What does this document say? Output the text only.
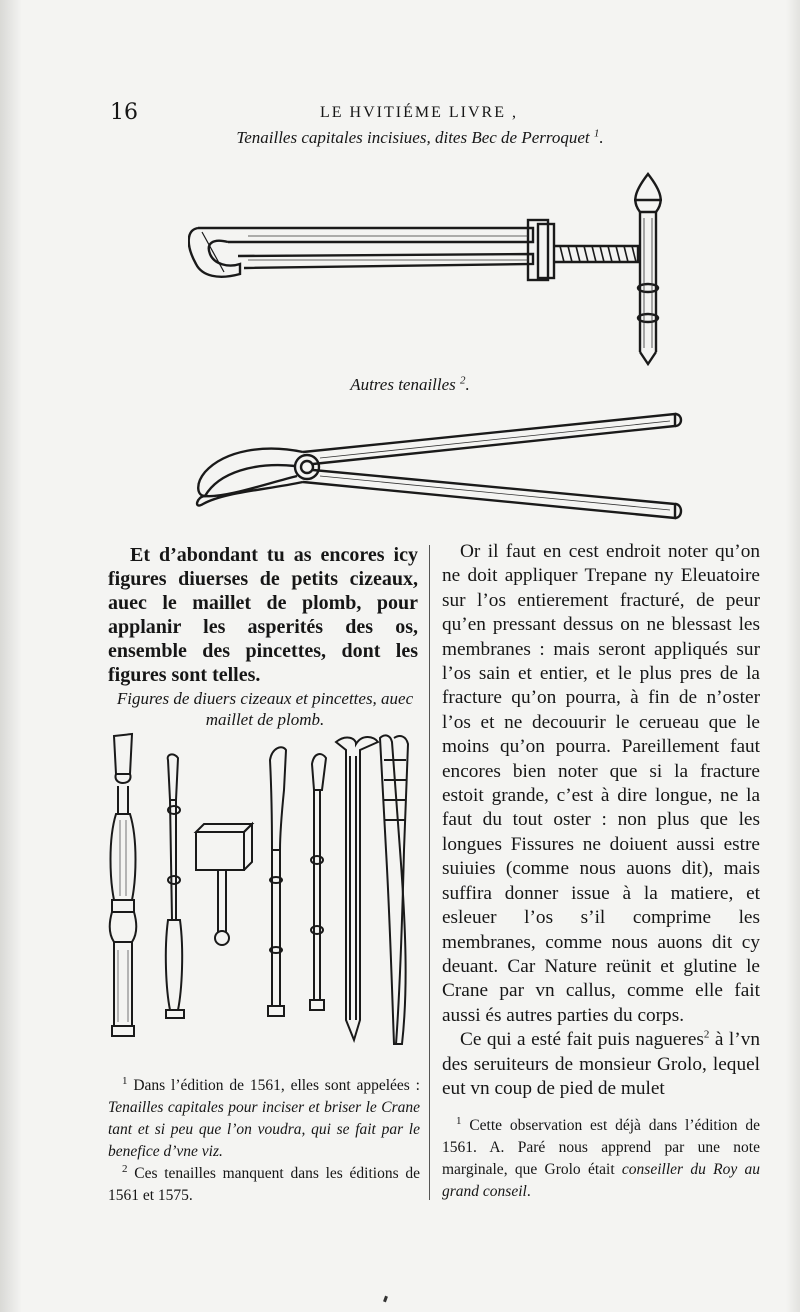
16	LE HVITIÉME LIVRE ,
Tenailles capitales incisiues, dites Bec de Perroquet $^1$.
Autres tenailles $^2$.
Et d’abondant tu as encores icy figures diuerses de petits cizeaux, auec le maillet de plomb, pour applanir les asperités des os, ensemble des pincettes, dont les figures sont telles.
Figures de diuers cizeaux et pincettes, auec
maillet de plomb.

Or il faut en cest endroit noter qu’on ne doit appliquer Trepane ny Eleuatoire sur l’os entierement fracturé, de peur qu’en pressant dessus on ne blessast les membranes : mais seront appliqués sur l’os sain et entier, et le plus pres de la fracture qu’on pourra, à fin de n’oster l’os et ne decouurir le cerueau que le moins qu’on pourra. Pareillement faut encores bien noter que si la fracture estoit grande, c’est à dire longue, ne la faut du tout oster : non plus que les longues Fissures ne doiuent aussi estre suiuies (comme nous auons dit), mais suffira donner issue à la matiere, et esleuer l’os s’il comprime les membranes, comme nous auons dit cy deuant. Car Nature reünit et glutine le Crane par vn callus, comme elle fait aussi és autres parties du corps.

Ce qui a esté fait puis nagueres$^2$ à l’vn des seruiteurs de monsieur Grolo, lequel eut vn coup de pied de mulet

$^1$ Dans l’édition de 1561, elles sont appelées : Tenailles capitales pour inciser et briser le Crane tant et si peu que l’on voudra, qui se fait par le benefice d’vne viz.

$^2$ Ces tenailles manquent dans les éditions de 1561 et 1575.

$^1$ Cette observation est déjà dans l’édition de 1561. A. Paré nous apprend par une note marginale, que Grolo était conseiller du Roy au grand conseil.
